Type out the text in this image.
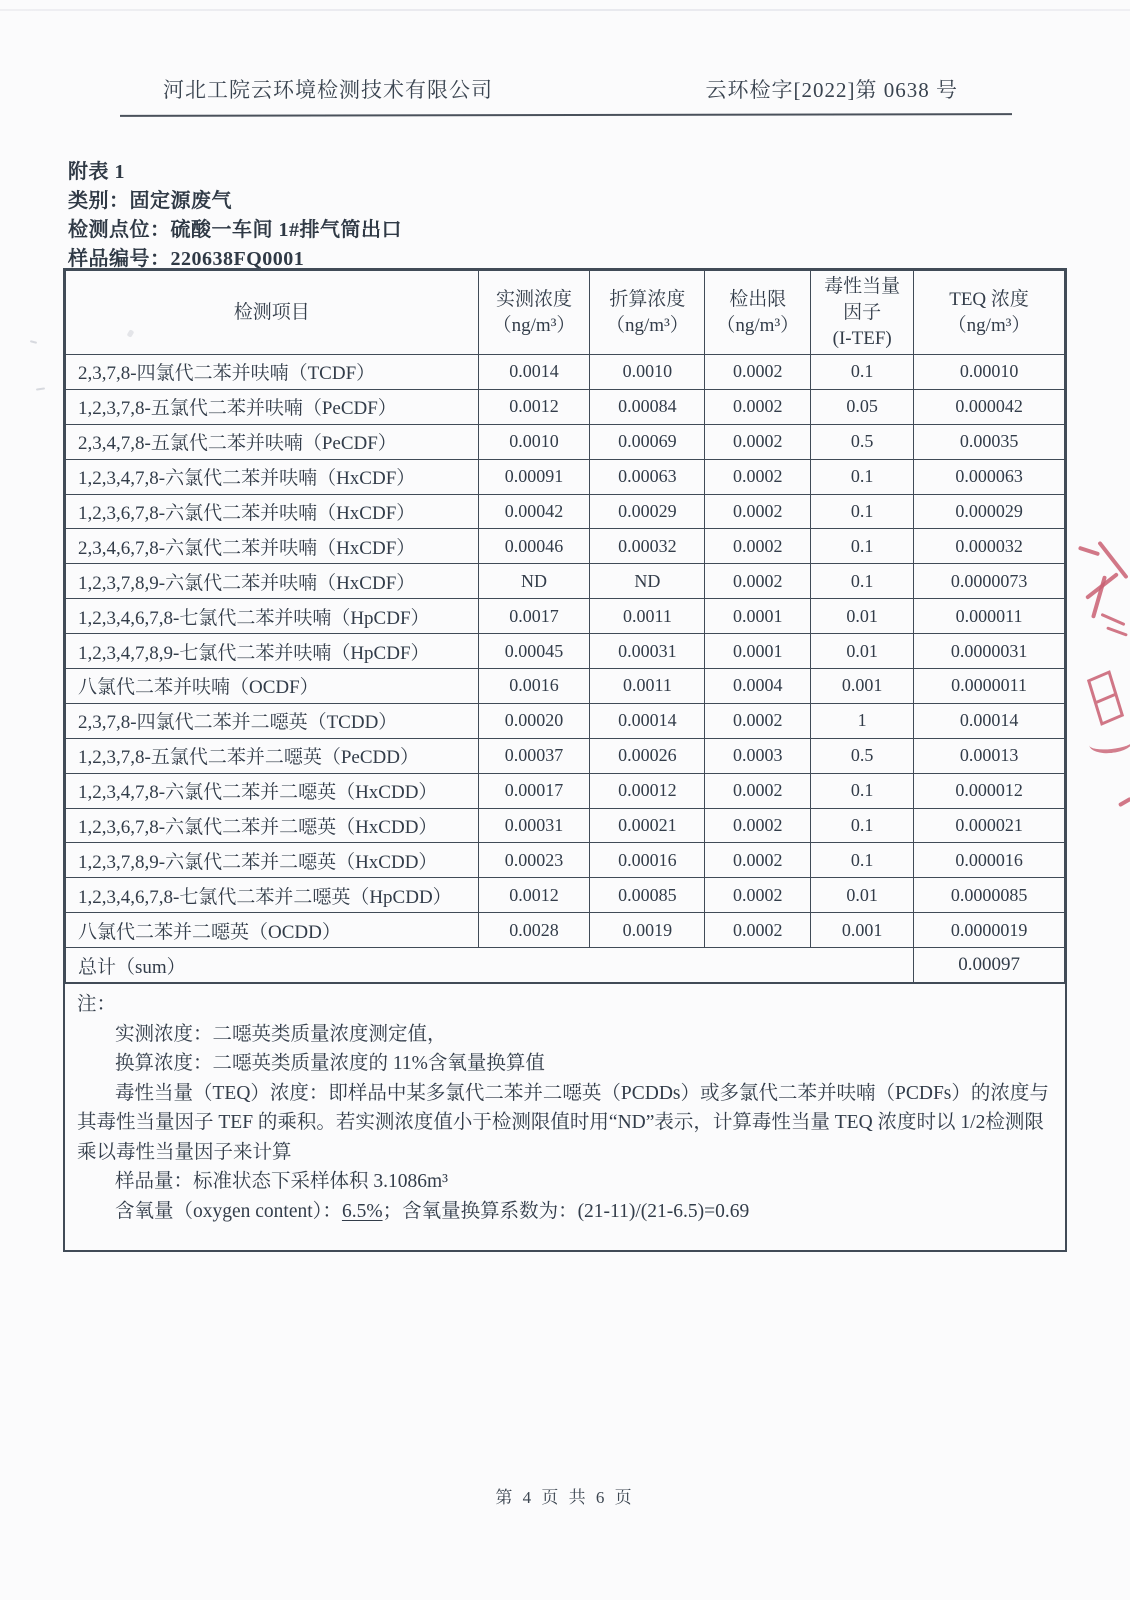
河北工院云环境检测技术有限公司	云环检字[2022]第 0638 号
附表 1
类别：固定源废气
检测点位：硫酸一车间 1#排气筒出口
样品编号：220638FQ0001
检测项目

实测浓度
（ng/m³）

折算浓度
（ng/m³）

检出限
（ng/m³）

毒性当量
因子
(I-TEF)

TEQ 浓度
（ng/m³）

2,3,7,8-四氯代二苯并呋喃（TCDF）	0.0014	0.0010	0.0002	0.1	0.00010
1,2,3,7,8-五氯代二苯并呋喃（PeCDF）	0.0012	0.00084	0.0002	0.05	0.000042
2,3,4,7,8-五氯代二苯并呋喃（PeCDF）	0.0010	0.00069	0.0002	0.5	0.00035
1,2,3,4,7,8-六氯代二苯并呋喃（HxCDF）	0.00091	0.00063	0.0002	0.1	0.000063
1,2,3,6,7,8-六氯代二苯并呋喃（HxCDF）	0.00042	0.00029	0.0002	0.1	0.000029
2,3,4,6,7,8-六氯代二苯并呋喃（HxCDF）	0.00046	0.00032	0.0002	0.1	0.000032
1,2,3,7,8,9-六氯代二苯并呋喃（HxCDF）	ND	ND	0.0002	0.1	0.0000073
1,2,3,4,6,7,8-七氯代二苯并呋喃（HpCDF）	0.0017	0.0011	0.0001	0.01	0.000011
1,2,3,4,7,8,9-七氯代二苯并呋喃（HpCDF）	0.00045	0.00031	0.0001	0.01	0.0000031
八氯代二苯并呋喃（OCDF）	0.0016	0.0011	0.0004	0.001	0.0000011
2,3,7,8-四氯代二苯并二噁英（TCDD）	0.00020	0.00014	0.0002	1	0.00014
1,2,3,7,8-五氯代二苯并二噁英（PeCDD）	0.00037	0.00026	0.0003	0.5	0.00013
1,2,3,4,7,8-六氯代二苯并二噁英（HxCDD）	0.00017	0.00012	0.0002	0.1	0.000012
1,2,3,6,7,8-六氯代二苯并二噁英（HxCDD）	0.00031	0.00021	0.0002	0.1	0.000021
1,2,3,7,8,9-六氯代二苯并二噁英（HxCDD）	0.00023	0.00016	0.0002	0.1	0.000016
1,2,3,4,6,7,8-七氯代二苯并二噁英（HpCDD）	0.0012	0.00085	0.0002	0.01	0.0000085
八氯代二苯并二噁英（OCDD）	0.0028	0.0019	0.0002	0.001	0.0000019
总计（sum）					0.00097
注：
实测浓度：二噁英类质量浓度测定值，
换算浓度：二噁英类质量浓度的 11%含氧量换算值

毒性当量（TEQ）浓度：即样品中某多氯代二苯并二噁英（PCDDs）或多氯代二苯并呋喃（PCDFs）的浓度与其毒性当量因子 TEF 的乘积。若实测浓度值小于检测限值时用“ND”表示，计算毒性当量 TEQ 浓度时以 1/2检测限乘以毒性当量因子来计算

样品量：标准状态下采样体积 3.1086m³
含氧量（oxygen content）：6.5%；含氧量换算系数为：(21-11)/(21-6.5)=0.69
第 4 页 共 6 页
